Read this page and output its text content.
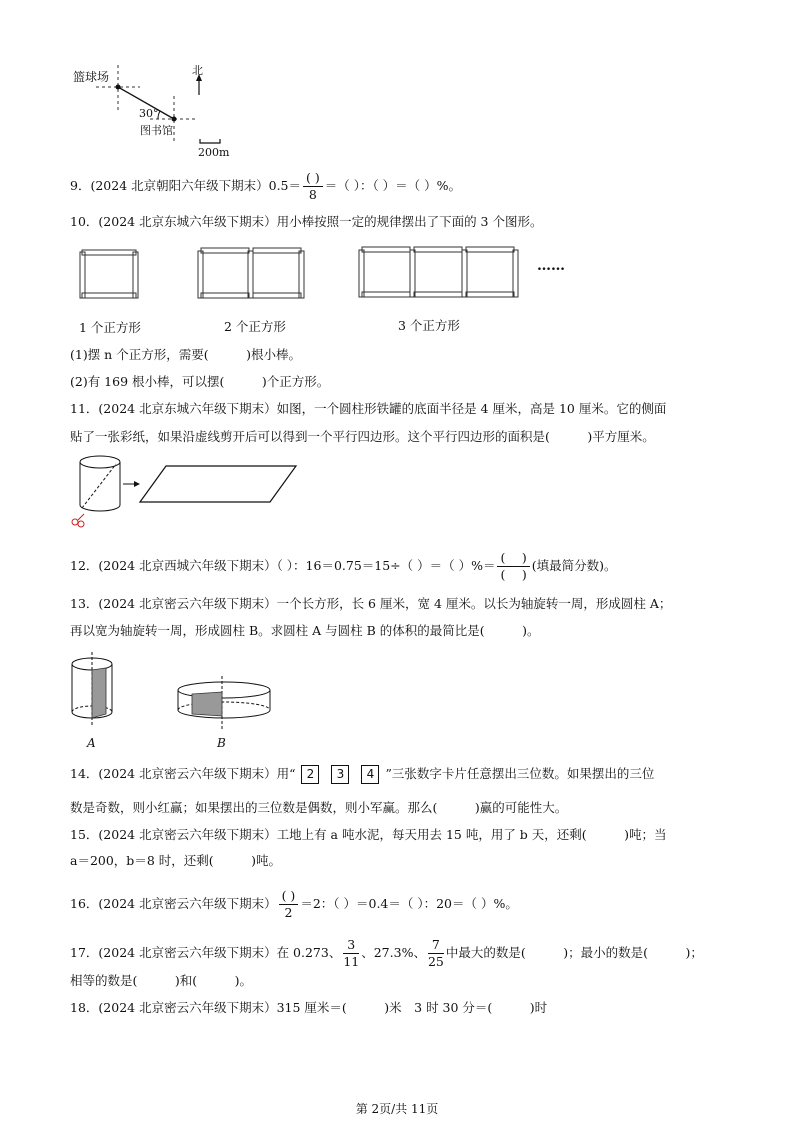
篮球场
图书馆
北
30°
200m
9．(2024 北京朝阳六年级下期末）$0.5= \frac{( )}{8}$ ＝（ ）：（ ）＝（ ）%。
10．(2024 北京东城六年级下期末）用小棒按照一定的规律摆出了下面的 3 个图形。
……
1 个正方形	2 个正方形	3 个正方形
(1)摆 n 个正方形，需要(　　　)根小棒。
(2)有 169 根小棒，可以摆(　　　)个正方形。
11．(2024 北京东城六年级下期末）如图，一个圆柱形铁罐的底面半径是 4 厘米，高是 10 厘米。它的侧面
贴了一张彩纸，如果沿虚线剪开后可以得到一个平行四边形。这个平行四边形的面积是(　　　)平方厘米。
12．(2024 北京西城六年级下期末）（ ）：16＝0.75＝15÷（ ）＝（ ）%＝ $\frac{( )}{( )}$ (填最简分数)。
13．(2024 北京密云六年级下期末）一个长方形，长 6 厘米，宽 4 厘米。以长为轴旋转一周，形成圆柱 A；
再以宽为轴旋转一周，形成圆柱 B。求圆柱 A 与圆柱 B 的体积的最简比是(　　　)。
A	B
14．(2024 北京密云六年级下期末）用“ 2 3 4 ”三张数字卡片任意摆出三位数。如果摆出的三位
数是奇数，则小红赢；如果摆出的三位数是偶数，则小军赢。那么(　　　)赢的可能性大。
15．(2024 北京密云六年级下期末）工地上有 a 吨水泥，每天用去 15 吨，用了 b 天，还剩(　　　)吨；当
a＝200，b＝8 时，还剩(　　　)吨。
16．(2024 北京密云六年级下期末） $\frac{( )}{2} =2$：（ ）＝0.4＝（ ）：20＝（ ）%。
17．(2024 北京密云六年级下期末）在 0.273、 $\frac{3}{11}$ 、27.3%、 $\frac{7}{25}$ 中最大的数是(　　　)；最小的数是(　　　)；
相等的数是(　　　)和(　　　)。
18．(2024 北京密云六年级下期末）315 厘米＝(　　　)米　3 时 30 分＝(　　　)时
第 2页/共 11页
